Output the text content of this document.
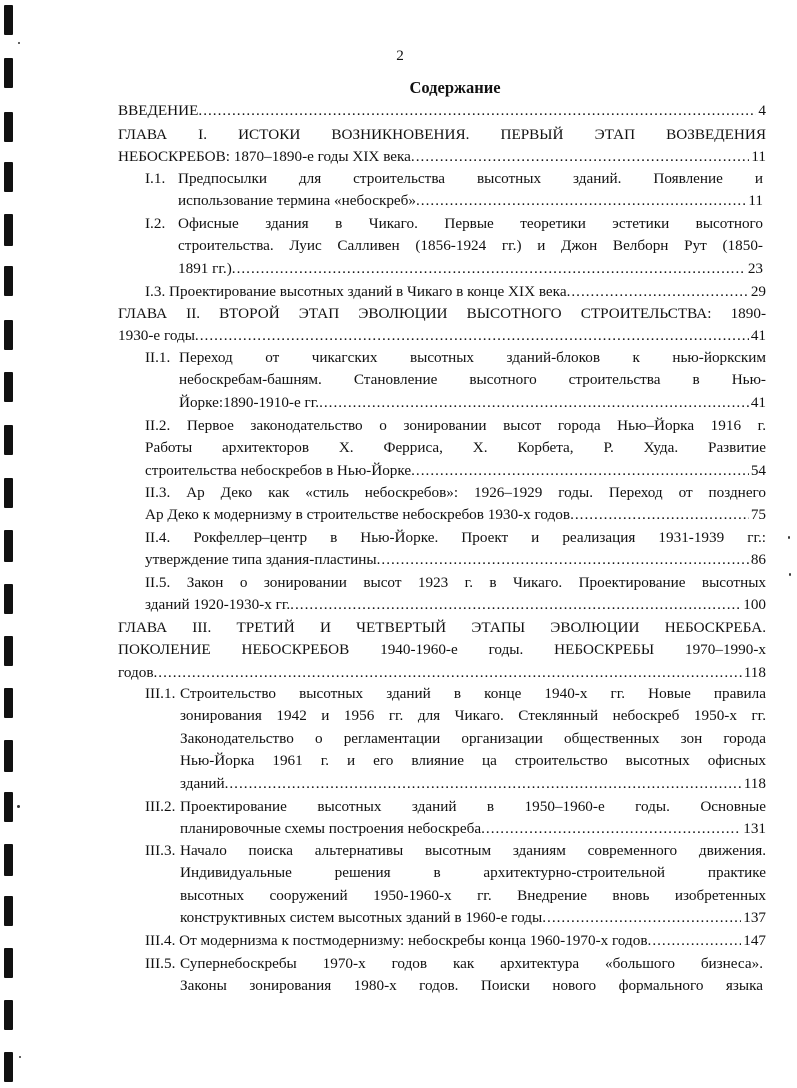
2
Содержание
ВВЕДЕНИЕ .....	4
ГЛАВА I. ИСТОКИ ВОЗНИКНОВЕНИЯ. ПЕРВЫЙ ЭТАП ВОЗВЕДЕНИЯ
НЕБОСКРЕБОВ: 1870–1890-е годы XIX века .....	11
I.1. Предпосылки для строительства высотных зданий. Появление и
использование термина «небоскреб» .....	11
I.2. Офисные здания в Чикаго. Первые теоретики эстетики высотного
строительства. Луис Салливен (1856-1924 гг.) и Джон Велборн Рут (1850-
1891 гг.) .....	23
I.3. Проектирование высотных зданий в Чикаго в конце XIX века .....	29
ГЛАВА II. ВТОРОЙ ЭТАП ЭВОЛЮЦИИ ВЫСОТНОГО СТРОИТЕЛЬСТВА: 1890-
1930-е годы .....	41
II.1. Переход от чикагских высотных зданий-блоков к нью-йоркским
небоскребам-башням. Становление высотного строительства в Нью-
Йорке:1890-1910-е гг. .....	41
II.2. Первое законодательство о зонировании высот города Нью–Йорка 1916 г.
Работы архитекторов Х. Ферриса, Х. Корбета, Р. Худа. Развитие
строительства небоскребов в Нью-Йорке .....	54
II.3. Ар Деко как «стиль небоскребов»: 1926–1929 годы. Переход от позднего
Ар Деко к модернизму в строительстве небоскребов 1930-х годов .....	75
II.4. Рокфеллер–центр в Нью-Йорке. Проект и реализация 1931-1939 гг.:
утверждение типа здания-пластины .....	86
II.5. Закон о зонировании высот 1923 г. в Чикаго. Проектирование высотных
зданий 1920-1930-х гг. .....	100
ГЛАВА III. ТРЕТИЙ И ЧЕТВЕРТЫЙ ЭТАПЫ ЭВОЛЮЦИИ НЕБОСКРЕБА.
ПОКОЛЕНИЕ НЕБОСКРЕБОВ 1940-1960-е годы. НЕБОСКРЕБЫ 1970–1990-х
годов .....	118
III.1. Строительство высотных зданий в конце 1940-х гг. Новые правила
зонирования 1942 и 1956 гг. для Чикаго. Стеклянный небоскреб 1950-х гг.
Законодательство о регламентации организации общественных зон города
Нью-Йорка 1961 г. и его влияние ца строительство высотных офисных
зданий .....	118
III.2. Проектирование высотных зданий в 1950–1960-е годы. Основные
планировочные схемы построения небоскреба .....	131
III.3. Начало поиска альтернативы высотным зданиям современного движения.
Индивидуальные решения в архитектурно-строительной практике
высотных сооружений 1950-1960-х гг. Внедрение вновь изобретенных
конструктивных систем высотных зданий в 1960-е годы .....	137
III.4. От модернизма к постмодернизму: небоскребы конца 1960-1970-х годов .....	147
III.5. Супернебоскребы 1970-х годов как архитектура «большого бизнеса».
Законы зонирования 1980-х годов. Поиски нового формального языка
